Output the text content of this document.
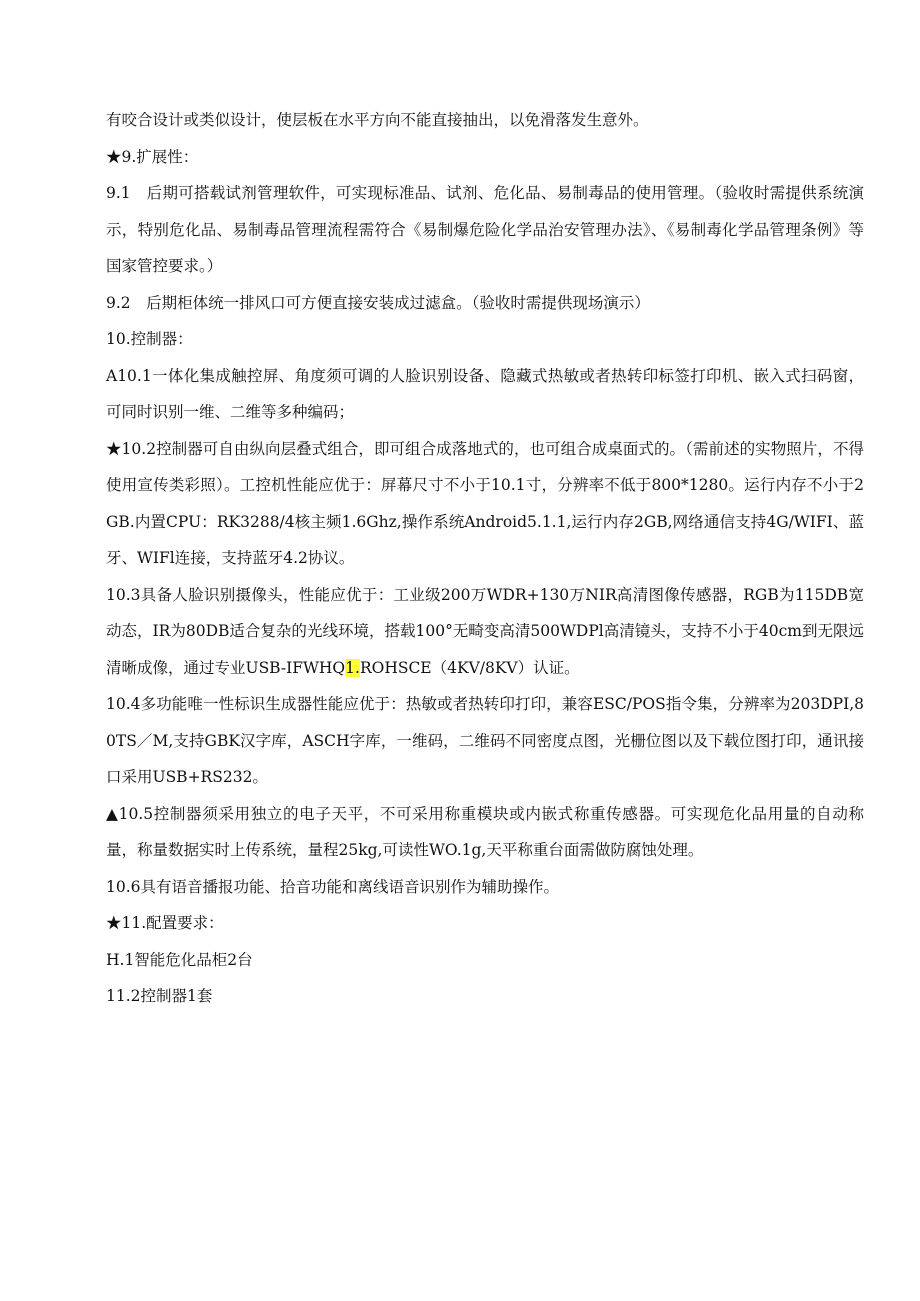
有咬合设计或类似设计，使层板在水平方向不能直接抽出，以免滑落发生意外。

★9.扩展性：

9.1　后期可搭载试剂管理软件，可实现标准品、试剂、危化品、易制毒品的使用管理。（验收时需提供系统演示，特别危化品、易制毒品管理流程需符合《易制爆危险化学品治安管理办法》、《易制毒化学品管理条例》等国家管控要求。）

9.2　后期柜体统一排风口可方便直接安装成过滤盒。（验收时需提供现场演示）

10.控制器：

A10.1一体化集成触控屏、角度须可调的人脸识别设备、隐藏式热敏或者热转印标签打印机、嵌入式扫码窗，可同时识别一维、二维等多种编码；

★10.2控制器可自由纵向层叠式组合，即可组合成落地式的，也可组合成桌面式的。（需前述的实物照片，不得使用宣传类彩照）。工控机性能应优于：屏幕尺寸不小于10.1寸，分辨率不低于800*1280。运行内存不小于2GB.内置CPU：RK3288/4核主频1.6Ghz,操作系统Android5.1.1,运行内存2GB,网络通信支持4G/WIFI、蓝牙、WIFl连接，支持蓝牙4.2协议。

10.3具备人脸识别摄像头，性能应优于：工业级200万WDR+130万NIR高清图像传感器，RGB为115DB宽动态，IR为80DB适合复杂的光线环境，搭载100°无畸变高清500WDPl高清镜头，支持不小于40cm到无限远清晰成像，通过专业USB-IFWHQ1.ROHSCE（4KV/8KV）认证。

10.4多功能唯一性标识生成器性能应优于：热敏或者热转印打印，兼容ESC/POS指令集，分辨率为203DPI,80TS／M,支持GBK汉字库，ASCH字库，一维码，二维码不同密度点图，光栅位图以及下载位图打印，通讯接口采用USB+RS232。

▲10.5控制器须采用独立的电子天平，不可采用称重模块或内嵌式称重传感器。可实现危化品用量的自动称量，称量数据实时上传系统，量程25kg,可读性WO.1g,天平称重台面需做防腐蚀处理。

10.6具有语音播报功能、拾音功能和离线语音识别作为辅助操作。

★11.配置要求：

H.1智能危化品柜2台

11.2控制器1套
